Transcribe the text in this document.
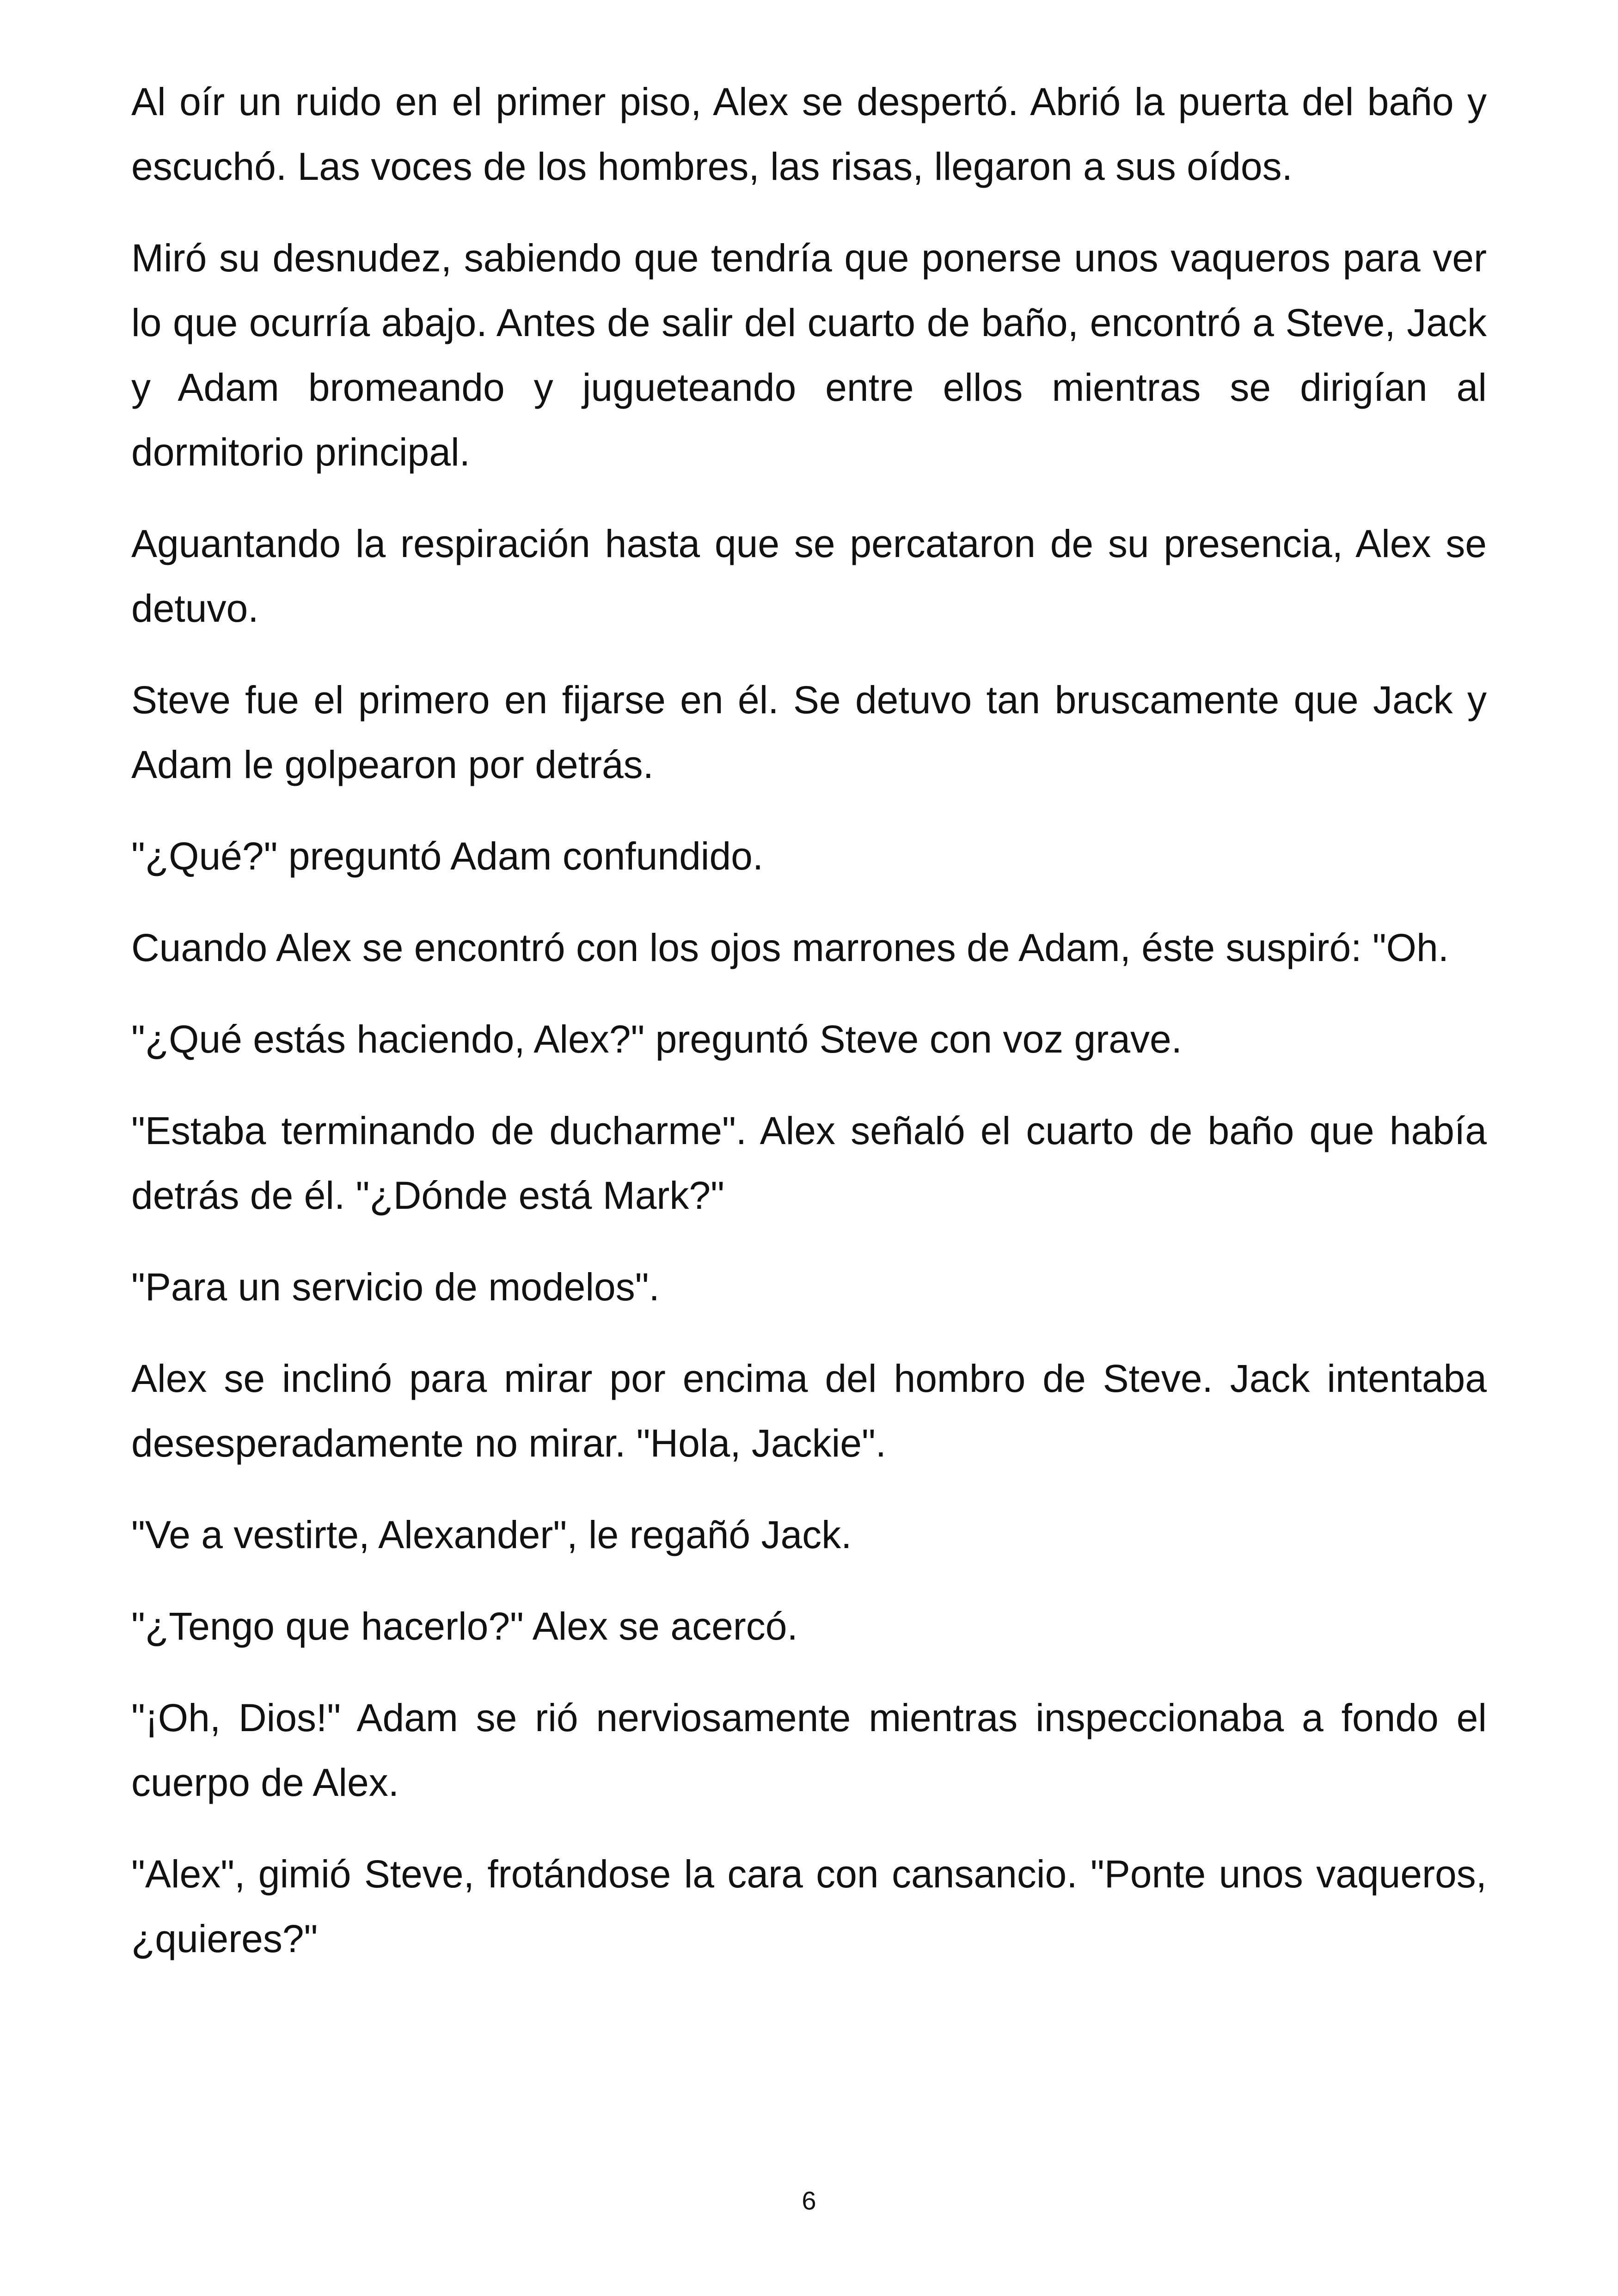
Al oír un ruido en el primer piso, Alex se despertó. Abrió la puerta del baño y escuchó. Las voces de los hombres, las risas, llegaron a sus oídos.

Miró su desnudez, sabiendo que tendría que ponerse unos vaqueros para ver lo que ocurría abajo. Antes de salir del cuarto de baño, encontró a Steve, Jack y Adam bromeando y jugueteando entre ellos mientras se dirigían al dormitorio principal.

Aguantando la respiración hasta que se percataron de su presencia, Alex se detuvo.

Steve fue el primero en fijarse en él. Se detuvo tan bruscamente que Jack y Adam le golpearon por detrás.

"¿Qué?" preguntó Adam confundido.

Cuando Alex se encontró con los ojos marrones de Adam, éste suspiró: "Oh.

"¿Qué estás haciendo, Alex?" preguntó Steve con voz grave.

"Estaba terminando de ducharme". Alex señaló el cuarto de baño que había detrás de él. "¿Dónde está Mark?"

"Para un servicio de modelos".

Alex se inclinó para mirar por encima del hombro de Steve. Jack intentaba desesperadamente no mirar. "Hola, Jackie".

"Ve a vestirte, Alexander", le regañó Jack.

"¿Tengo que hacerlo?" Alex se acercó.

"¡Oh, Dios!" Adam se rió nerviosamente mientras inspeccionaba a fondo el cuerpo de Alex.

"Alex", gimió Steve, frotándose la cara con cansancio. "Ponte unos vaqueros, ¿quieres?"

6
